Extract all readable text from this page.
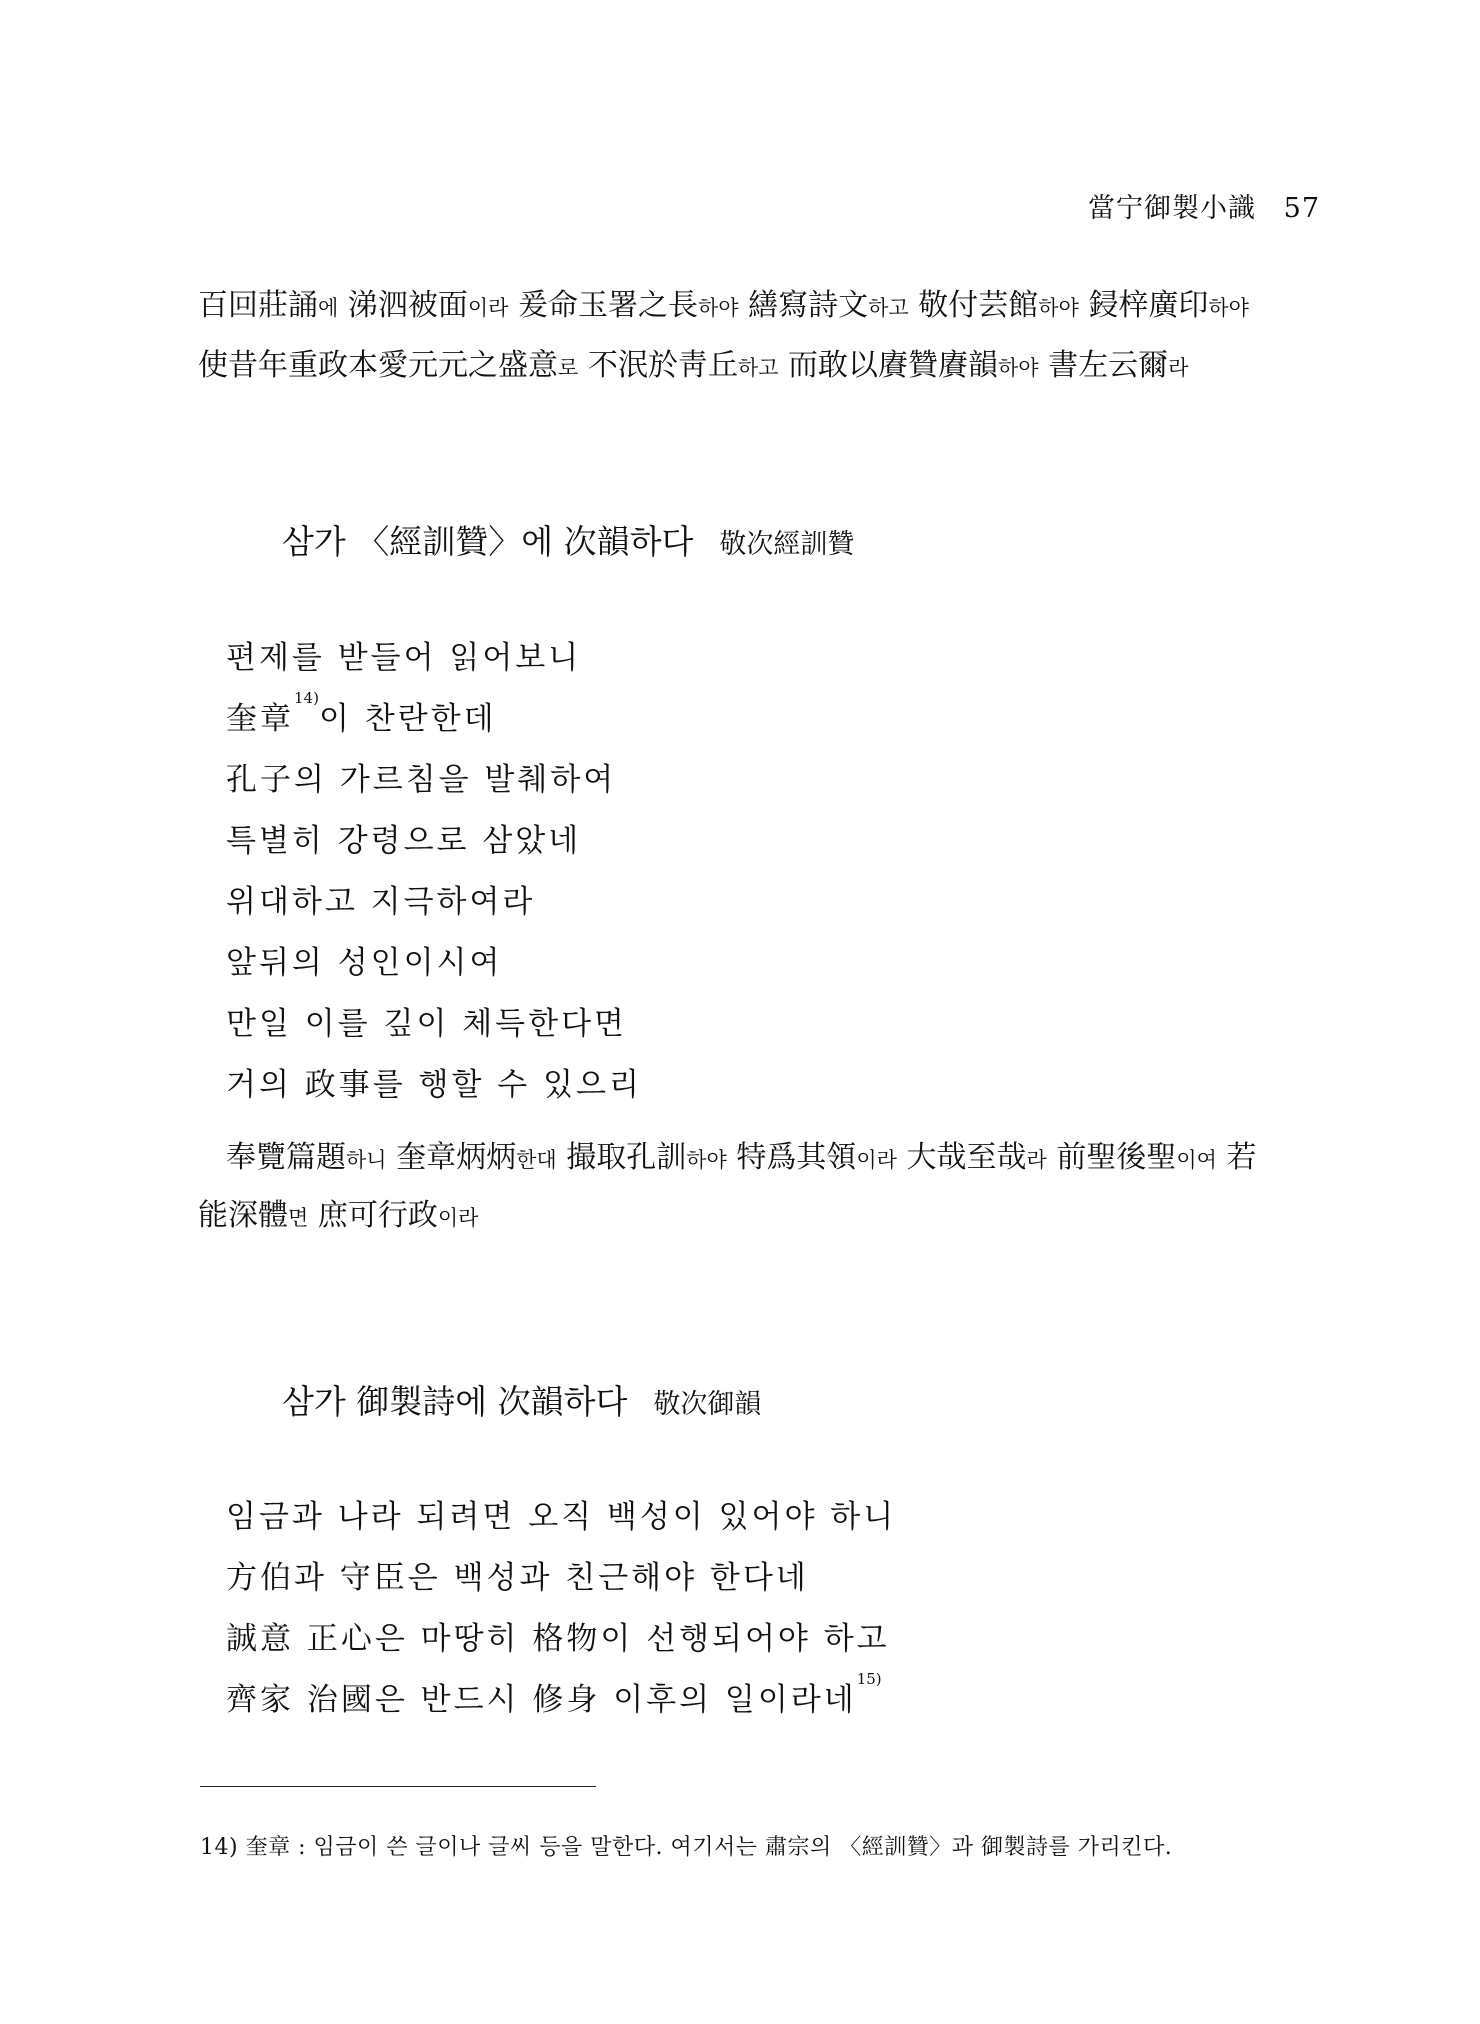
當宁御製小識 57
百回莊誦에 涕泗被面이라 爰命玉署之長하야 繕寫詩文하고 敬付芸館하야 鋟梓廣印하야
使昔年重政本愛元元之盛意로 不泯於靑丘하고 而敢以賡贊賡韻하야 書左云爾라
삼가 〈經訓贊〉에 次韻하다 敬次經訓贊
편제를 받들어 읽어보니
奎章$^{14)}$이 찬란한데
孔子의 가르침을 발췌하여
특별히 강령으로 삼았네
위대하고 지극하여라
앞뒤의 성인이시여
만일 이를 깊이 체득한다면
거의 政事를 행할 수 있으리
奉覽篇題하니 奎章炳炳한대 撮取孔訓하야 特爲其領이라 大哉至哉라 前聖後聖이여 若
能深體면 庶可行政이라
삼가 御製詩에 次韻하다 敬次御韻
임금과 나라 되려면 오직 백성이 있어야 하니
方伯과 守臣은 백성과 친근해야 한다네
誠意 正心은 마땅히 格物이 선행되어야 하고
齊家 治國은 반드시 修身 이후의 일이라네$^{15)}$
14) 奎章 : 임금이 쓴 글이나 글씨 등을 말한다. 여기서는 肅宗의 〈經訓贊〉과 御製詩를 가리킨다.
